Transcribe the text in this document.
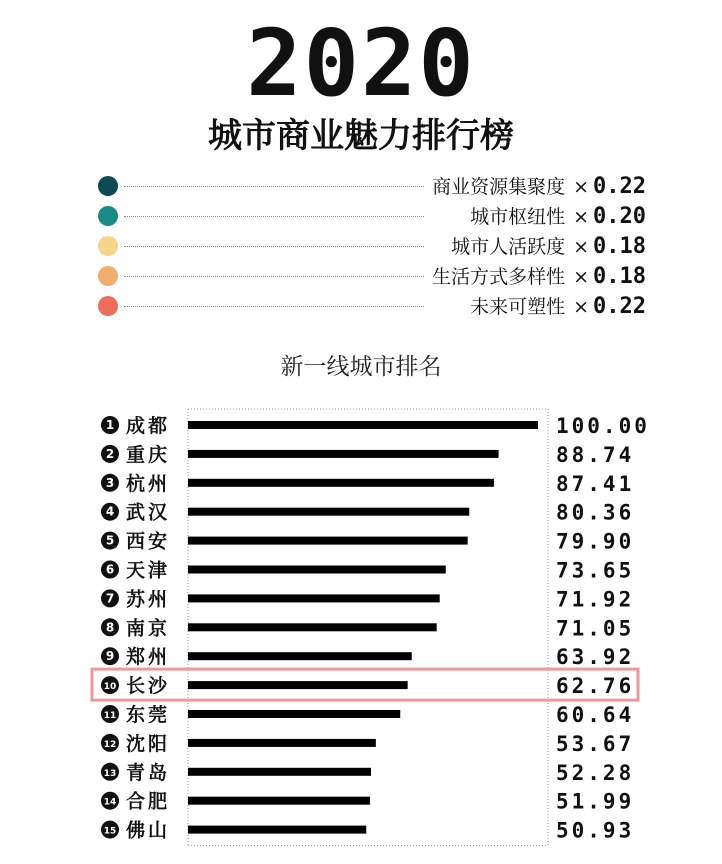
2020
城市商业魅力排行榜
商业资源集聚度 × 0.22
城市枢纽性 × 0.20
城市人活跃度 × 0.18
生活方式多样性 × 0.18
未来可塑性 × 0.22
新一线城市排名
1 成都	100.00
2 重庆	88.74
3 杭州	87.41
4 武汉	80.36
5 西安	79.90
6 天津	73.65
7 苏州	71.92
8 南京	71.05
9 郑州	63.92
10 长沙	62.76
11 东莞	60.64
12 沈阳	53.67
13 青岛	52.28
14 合肥	51.99
15 佛山	50.93
